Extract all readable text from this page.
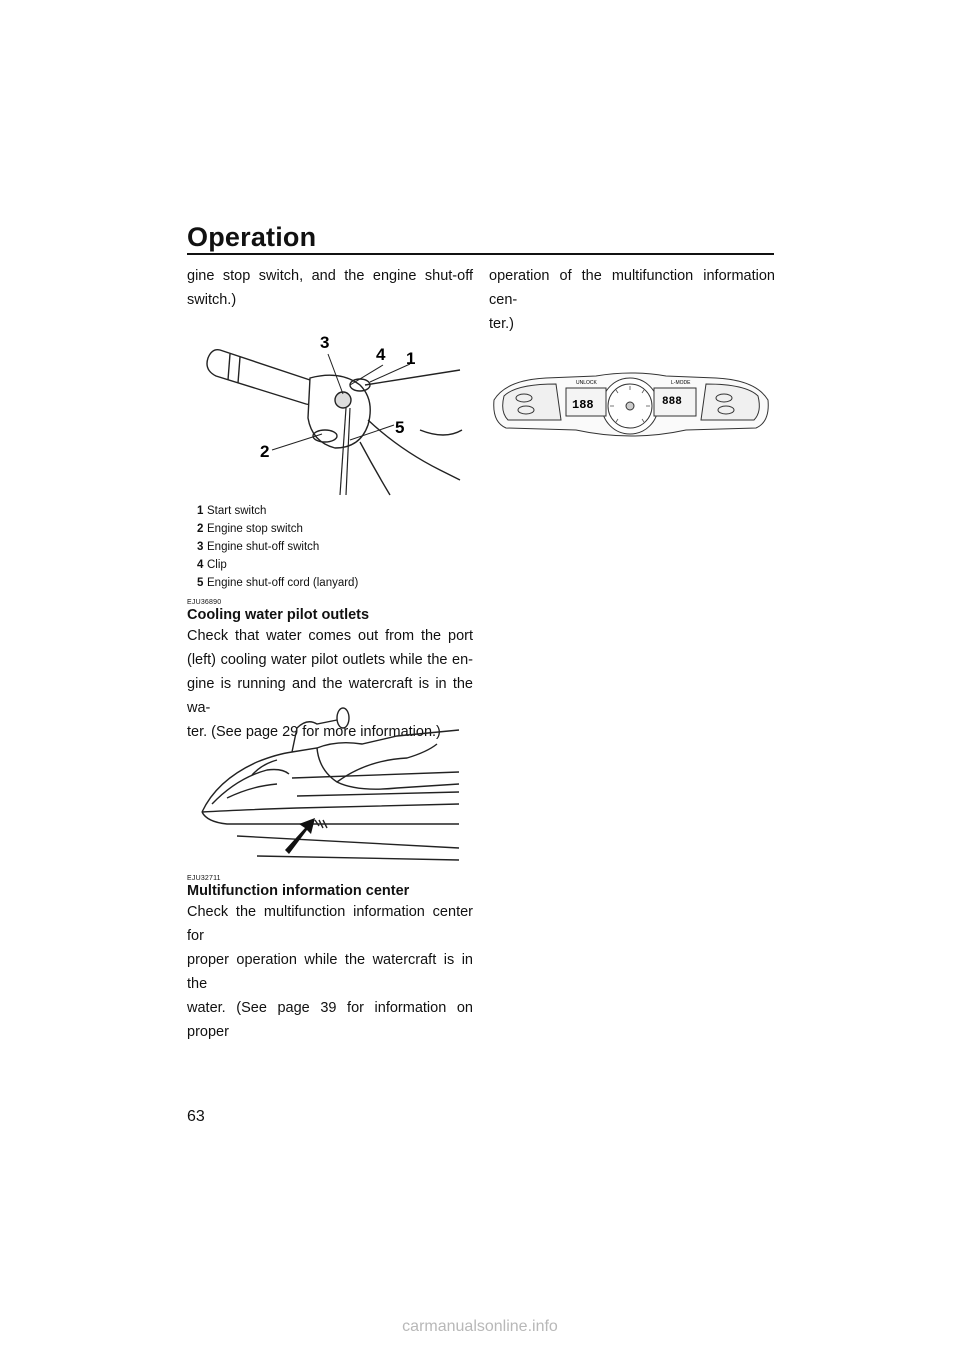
Operation
gine stop switch, and the engine shut-off
switch.)
3
4 1
5
2
1 Start switch
2 Engine stop switch
3 Engine shut-off switch
4 Clip
5 Engine shut-off cord (lanyard)
EJU36890
Cooling water pilot outlets
Check that water comes out from the port
(left) cooling water pilot outlets while the en-
gine is running and the watercraft is in the wa-
ter. (See page 29 for more information.)
EJU32711
Multifunction information center
Check the multifunction information center for
proper operation while the watercraft is in the
water. (See page 39 for information on proper
operation of the multifunction information cen-
ter.)
UNLOCK	L-MODE
188	888
63
carmanualsonline.info
